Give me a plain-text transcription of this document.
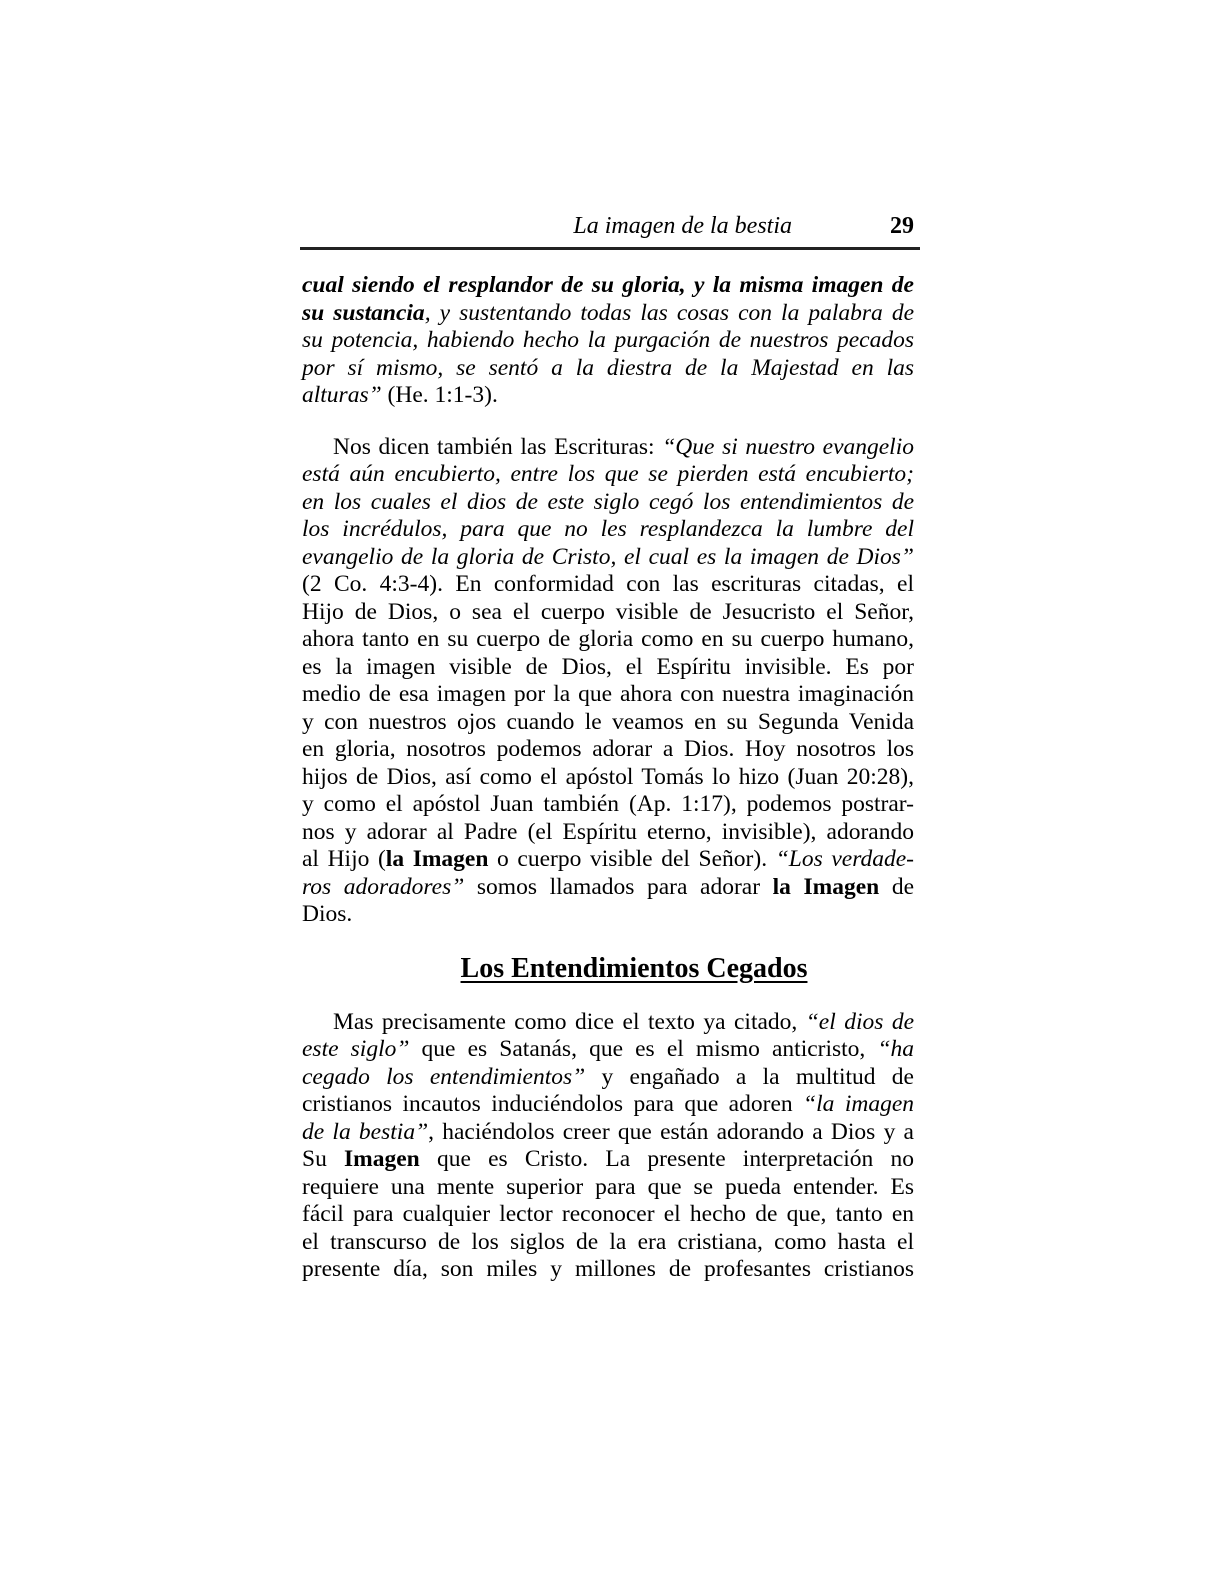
La imagen de la bestia	29
cual siendo el resplandor de su gloria, y la misma imagen de
su sustancia, y sustentando todas las cosas con la palabra de
su potencia, habiendo hecho la purgación de nuestros pecados
por sí mismo, se sentó a la diestra de la Majestad en las
alturas” (He. 1:1-3).
Nos dicen también las Escrituras: “Que si nuestro evangelio
está aún encubierto, entre los que se pierden está encubierto;
en los cuales el dios de este siglo cegó los entendimientos de
los incrédulos, para que no les resplandezca la lumbre del
evangelio de la gloria de Cristo, el cual es la imagen de Dios”
(2 Co. 4:3-4). En conformidad con las escrituras citadas, el
Hijo de Dios, o sea el cuerpo visible de Jesucristo el Señor,
ahora tanto en su cuerpo de gloria como en su cuerpo humano,
es la imagen visible de Dios, el Espíritu invisible. Es por
medio de esa imagen por la que ahora con nuestra imaginación
y con nuestros ojos cuando le veamos en su Segunda Venida
en gloria, nosotros podemos adorar a Dios. Hoy nosotros los
hijos de Dios, así como el apóstol Tomás lo hizo (Juan 20:28),
y como el apóstol Juan también (Ap. 1:17), podemos postrar-
nos y adorar al Padre (el Espíritu eterno, invisible), adorando
al Hijo (la Imagen o cuerpo visible del Señor). “Los verdade-
ros adoradores” somos llamados para adorar la Imagen de
Dios.
Los Entendimientos Cegados
Mas precisamente como dice el texto ya citado, “el dios de
este siglo” que es Satanás, que es el mismo anticristo, “ha
cegado los entendimientos” y engañado a la multitud de
cristianos incautos induciéndolos para que adoren “la imagen
de la bestia”, haciéndolos creer que están adorando a Dios y a
Su Imagen que es Cristo. La presente interpretación no
requiere una mente superior para que se pueda entender. Es
fácil para cualquier lector reconocer el hecho de que, tanto en
el transcurso de los siglos de la era cristiana, como hasta el
presente día, son miles y millones de profesantes cristianos
